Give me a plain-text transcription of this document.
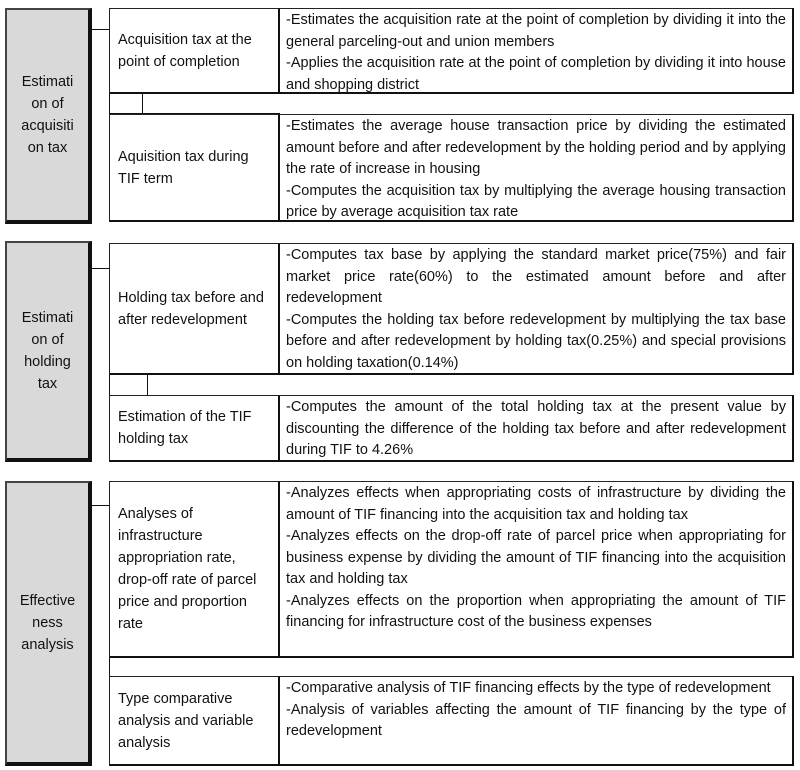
Estimati
on of
acquisiti
on tax
Acquisition tax at the point of completion

-Estimates the acquisition rate at the point of completion by dividing it into the general parceling-out and union members

-Applies the acquisition rate at the point of completion by dividing it into house and shopping district

Aquisition tax during TIF term

-Estimates the average house transaction price by dividing the estimated amount before and after redevelopment by the holding period and by applying the rate of increase in housing

-Computes the acquisition tax by multiplying the average housing transaction price by average acquisition tax rate

Estimati
on of
holding
tax
Holding tax before and after redevelopment

-Computes tax base by applying the standard market price(75%) and fair market price rate(60%) to the estimated amount before and after redevelopment

-Computes the holding tax before redevelopment by multiplying the tax base before and after redevelopment by holding tax(0.25%) and special provisions on holding taxation(0.14%)

Estimation of the TIF holding tax

-Computes the amount of the total holding tax at the present value by discounting the difference of the holding tax before and after redevelopment during TIF to 4.26%

Effective
ness
analysis
Analyses of infrastructure appropriation rate, drop-off rate of parcel price and proportion rate

-Analyzes effects when appropriating costs of infrastructure by dividing the amount of TIF financing into the acquisition tax and holding tax

-Analyzes effects on the drop-off rate of parcel price when appropriating for business expense by dividing the amount of TIF financing into the acquisition tax and holding tax

-Analyzes effects on the proportion when appropriating the amount of TIF financing for infrastructure cost of the business expenses

Type comparative analysis and variable analysis

-Comparative analysis of TIF financing effects by the type of redevelopment

-Analysis of variables affecting the amount of TIF financing by the type of redevelopment
